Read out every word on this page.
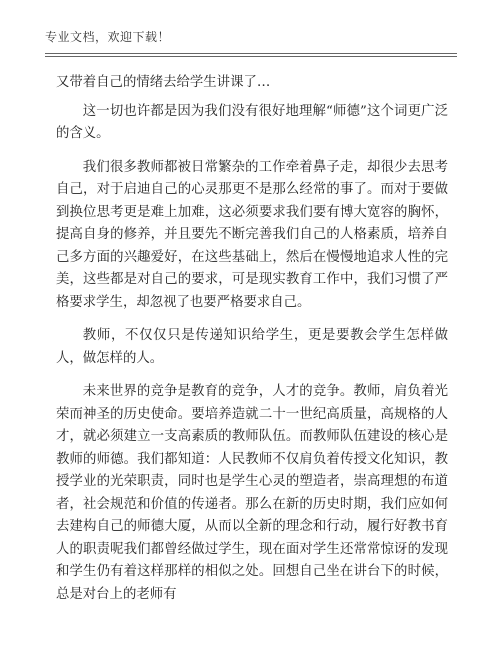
专业文档，欢迎下载！

又带着自己的情绪去给学生讲课了…

这一切也许都是因为我们没有很好地理解“师德”这个词更广泛的含义。

我们很多教师都被日常繁杂的工作牵着鼻子走，却很少去思考自己，对于启迪自己的心灵那更不是那么经常的事了。而对于要做到换位思考更是难上加难，这必须要求我们要有博大宽容的胸怀，提高自身的修养，并且要先不断完善我们自己的人格素质，培养自己多方面的兴趣爱好，在这些基础上，然后在慢慢地追求人性的完美，这些都是对自己的要求，可是现实教育工作中，我们习惯了严格要求学生，却忽视了也要严格要求自己。

教师，不仅仅只是传递知识给学生，更是要教会学生怎样做人，做怎样的人。

未来世界的竞争是教育的竞争，人才的竞争。教师，肩负着光荣而神圣的历史使命。要培养造就二十一世纪高质量，高规格的人才，就必须建立一支高素质的教师队伍。而教师队伍建设的核心是教师的师德。我们都知道：人民教师不仅肩负着传授文化知识，教授学业的光荣职责，同时也是学生心灵的塑造者，崇高理想的布道者，社会规范和价值的传递者。那么在新的历史时期，我们应如何去建构自己的师德大厦，从而以全新的理念和行动，履行好教书育人的职责呢我们都曾经做过学生，现在面对学生还常常惊讶的发现和学生仍有着这样那样的相似之处。回想自己坐在讲台下的时候，总是对台上的老师有
